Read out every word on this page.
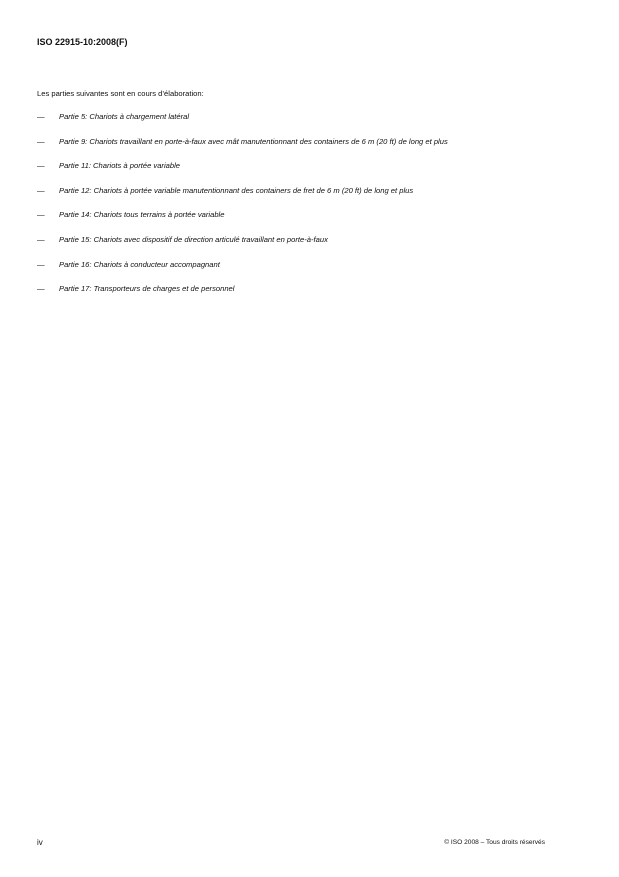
ISO 22915-10:2008(F)
Les parties suivantes sont en cours d’élaboration:
— Partie 5: Chariots à chargement latéral
— Partie 9: Chariots travaillant en porte-à-faux avec mât manutentionnant des containers de 6 m (20 ft) de long et plus
— Partie 11: Chariots à portée variable
— Partie 12: Chariots à portée variable manutentionnant des containers de fret de 6 m (20 ft) de long et plus
— Partie 14: Chariots tous terrains à portée variable
— Partie 15: Chariots avec dispositif de direction articulé travaillant en porte-à-faux
— Partie 16: Chariots à conducteur accompagnant
— Partie 17: Transporteurs de charges et de personnel
iv	© ISO 2008 – Tous droits réservés
